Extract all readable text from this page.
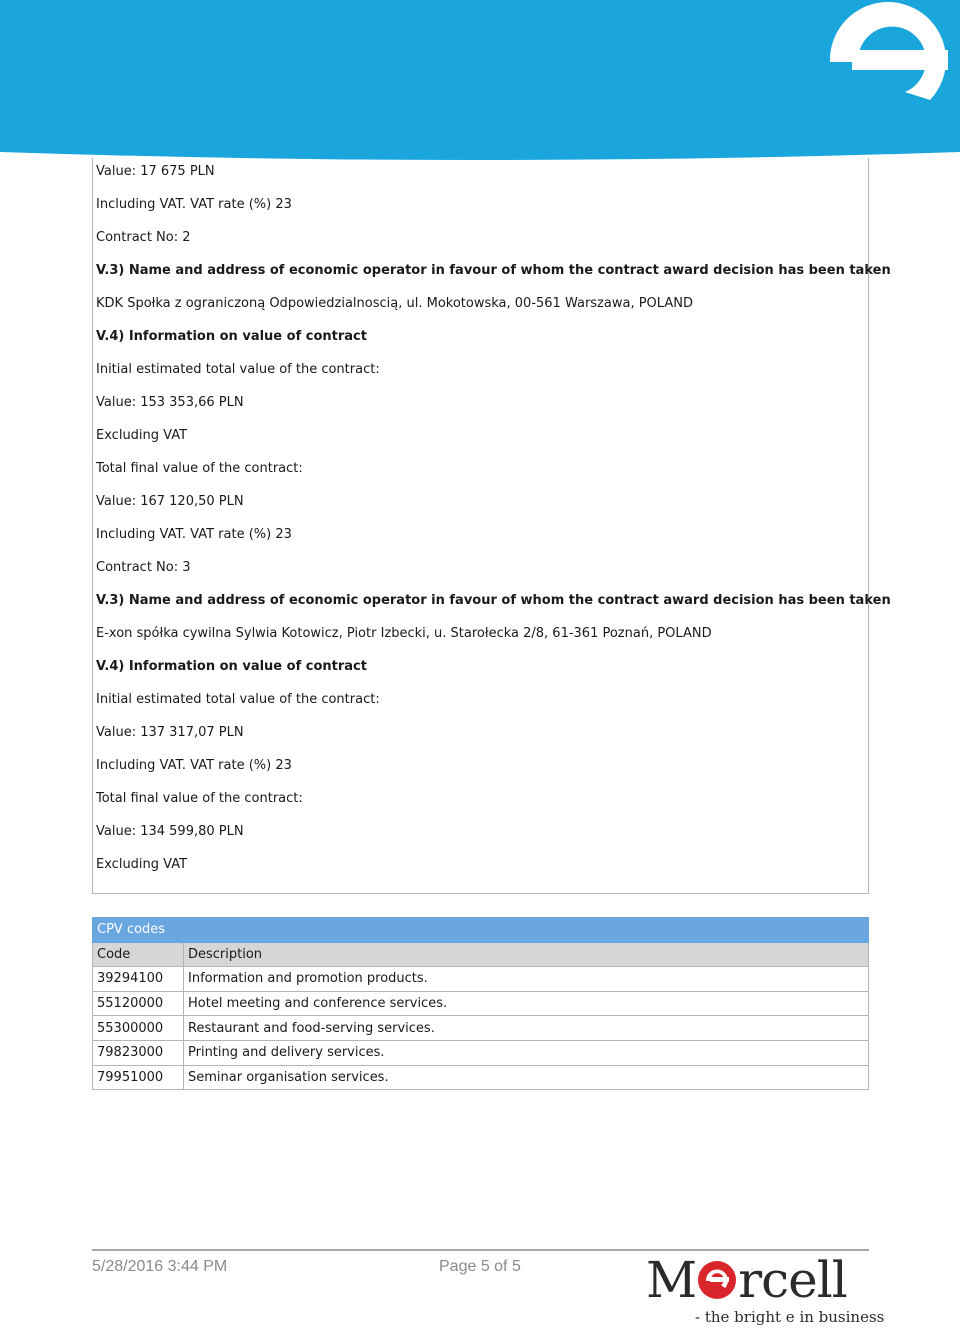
Value: 17 675 PLN
Including VAT. VAT rate (%) 23
Contract No: 2
V.3) Name and address of economic operator in favour of whom the contract award decision has been taken
KDK Społka z ograniczoną Odpowiedzialnoscią, ul. Mokotowska, 00-561 Warszawa, POLAND
V.4) Information on value of contract
Initial estimated total value of the contract:
Value: 153 353,66 PLN
Excluding VAT
Total final value of the contract:
Value: 167 120,50 PLN
Including VAT. VAT rate (%) 23
Contract No: 3
V.3) Name and address of economic operator in favour of whom the contract award decision has been taken
E-xon spółka cywilna Sylwia Kotowicz, Piotr Izbecki, u. Starołecka 2/8, 61-361 Poznań, POLAND
V.4) Information on value of contract
Initial estimated total value of the contract:
Value: 137 317,07 PLN
Including VAT. VAT rate (%) 23
Total final value of the contract:
Value: 134 599,80 PLN
Excluding VAT
CPV codes	
Code	Description
39294100	Information and promotion products.
55120000	Hotel meeting and conference services.
55300000	Restaurant and food-serving services.
79823000	Printing and delivery services.
79951000	Seminar organisation services.
5/28/2016 3:44 PM	Page 5 of 5	M rcell
- the bright e in business
